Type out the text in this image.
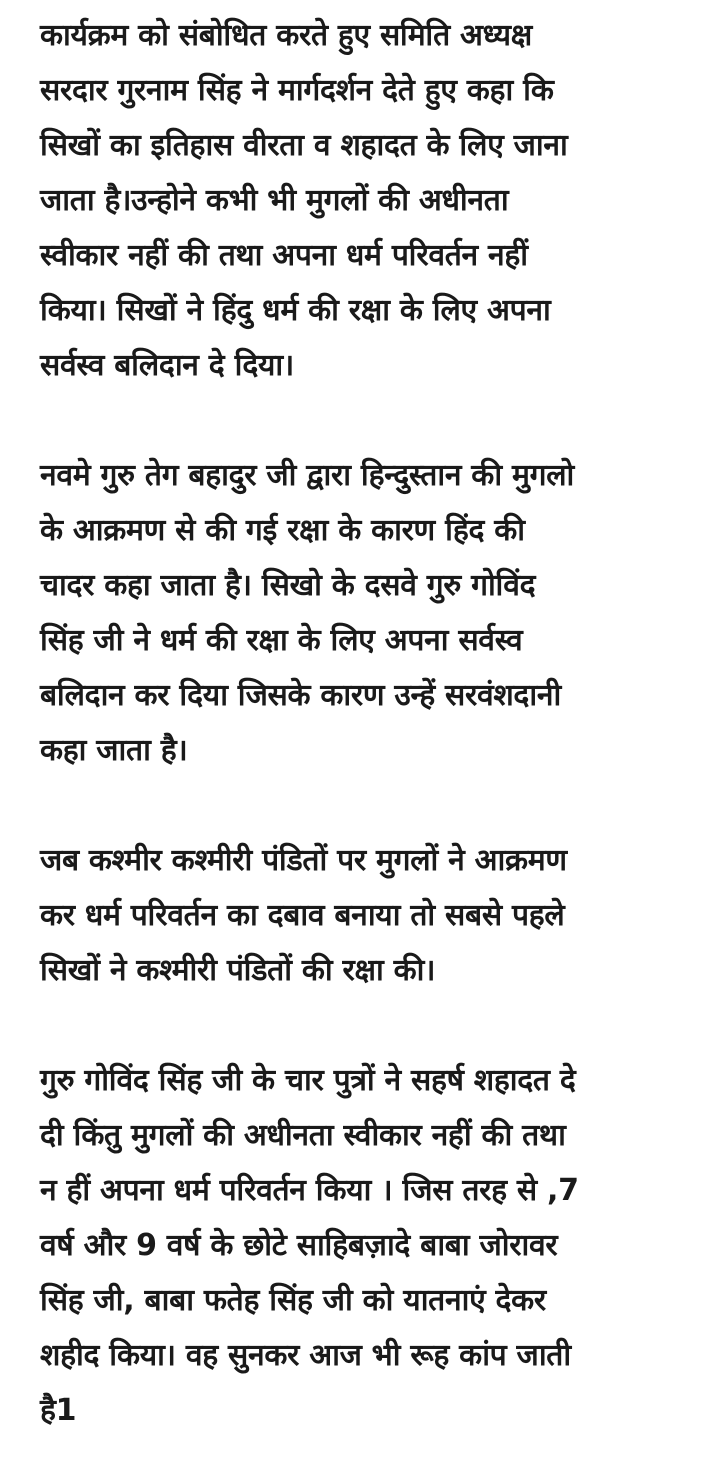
कार्यक्रम को संबोधित करते हुए समिति अध्यक्ष
सरदार गुरनाम सिंह ने मार्गदर्शन देते हुए कहा कि
सिखों का इतिहास वीरता व शहादत के लिए जाना
जाता है।उन्होने कभी भी मुगलों की अधीनता
स्वीकार नहीं की तथा अपना धर्म परिवर्तन नहीं
किया। सिखों ने हिंदु धर्म की रक्षा के लिए अपना
सर्वस्व बलिदान दे दिया।

नवमे गुरु तेग बहादुर जी द्वारा हिन्दुस्तान की मुगलो
के आक्रमण से की गई रक्षा के कारण हिंद की
चादर कहा जाता है। सिखो के दसवे गुरु गोविंद
सिंह जी ने धर्म की रक्षा के लिए अपना सर्वस्व
बलिदान कर दिया जिसके कारण उन्हें सरवंशदानी
कहा जाता है।

जब कश्मीर कश्मीरी पंडितों पर मुगलों ने आक्रमण
कर धर्म परिवर्तन का दबाव बनाया तो सबसे पहले
सिखों ने कश्मीरी पंडितों की रक्षा की।

गुरु गोविंद सिंह जी के चार पुत्रों ने सहर्ष शहादत दे
दी किंतु मुगलों की अधीनता स्वीकार नहीं की तथा
न हीं अपना धर्म परिवर्तन किया । जिस तरह से ,7
वर्ष और 9 वर्ष के छोटे साहिबज़ादे बाबा जोरावर
सिंह जी, बाबा फतेह सिंह जी को यातनाएं देकर
शहीद किया। वह सुनकर आज भी रूह कांप जाती
है1
